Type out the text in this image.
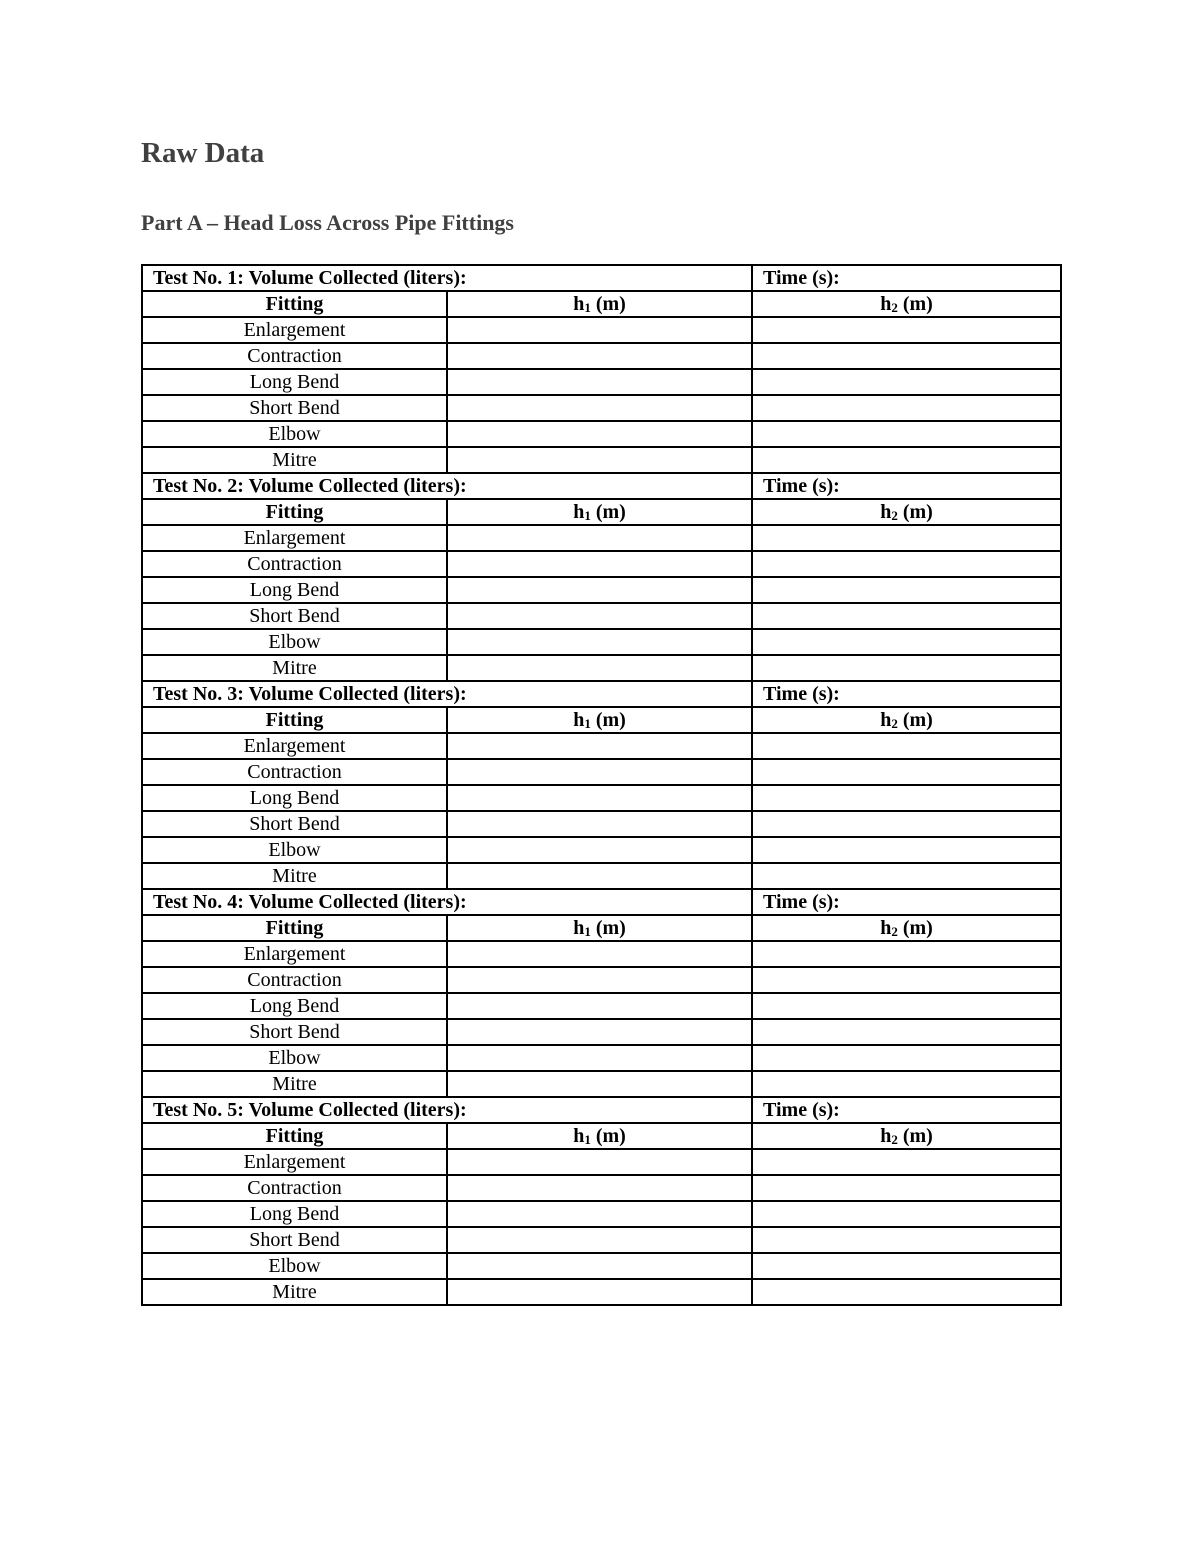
Raw Data
Part A – Head Loss Across Pipe Fittings
Test No. 1: Volume Collected (liters):		Time (s):
Fitting	$h_1$ (m)	$h_2$ (m)
Enlargement		
Contraction		
Long Bend		
Short Bend		
Elbow		
Mitre		
Test No. 2: Volume Collected (liters):		Time (s):
Fitting	$h_1$ (m)	$h_2$ (m)
Enlargement		
Contraction		
Long Bend		
Short Bend		
Elbow		
Mitre		
Test No. 3: Volume Collected (liters):		Time (s):
Fitting	$h_1$ (m)	$h_2$ (m)
Enlargement		
Contraction		
Long Bend		
Short Bend		
Elbow		
Mitre		
Test No. 4: Volume Collected (liters):		Time (s):
Fitting	$h_1$ (m)	$h_2$ (m)
Enlargement		
Contraction		
Long Bend		
Short Bend		
Elbow		
Mitre		
Test No. 5: Volume Collected (liters):		Time (s):
Fitting	$h_1$ (m)	$h_2$ (m)
Enlargement		
Contraction		
Long Bend		
Short Bend		
Elbow		
Mitre		
